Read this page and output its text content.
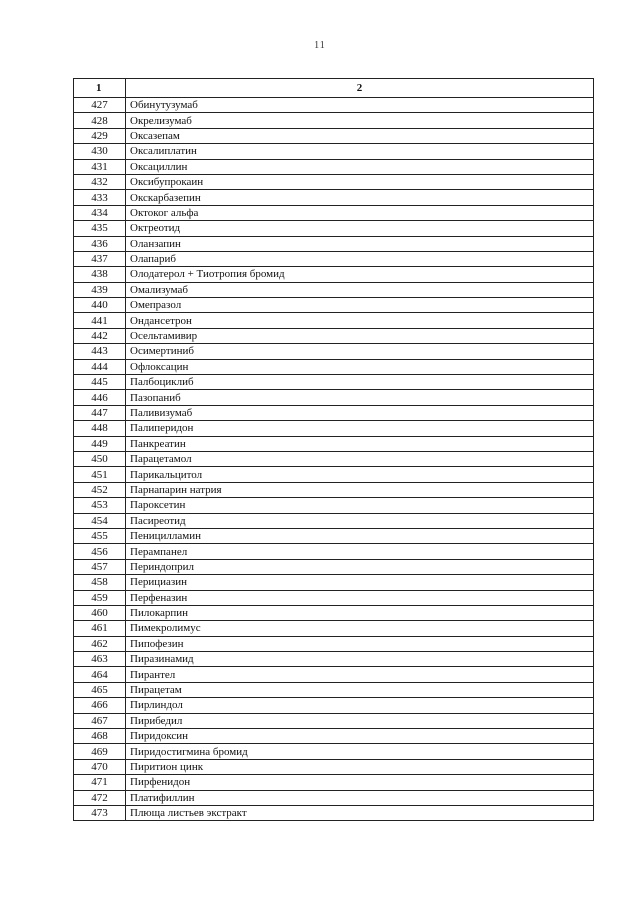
11
1	2
427	Обинутузумаб
428	Окрелизумаб
429	Оксазепам
430	Оксалиплатин
431	Оксациллин
432	Оксибупрокаин
433	Окскарбазепин
434	Октоког альфа
435	Октреотид
436	Оланзапин
437	Олапариб
438	Олодатерол + Тиотропия бромид
439	Омализумаб
440	Омепразол
441	Ондансетрон
442	Осельтамивир
443	Осимертиниб
444	Офлоксацин
445	Палбоциклиб
446	Пазопаниб
447	Паливизумаб
448	Палиперидон
449	Панкреатин
450	Парацетамол
451	Парикальцитол
452	Парнапарин натрия
453	Пароксетин
454	Пасиреотид
455	Пеницилламин
456	Перампанел
457	Периндоприл
458	Перициазин
459	Перфеназин
460	Пилокарпин
461	Пимекролимус
462	Пипофезин
463	Пиразинамид
464	Пирантел
465	Пирацетам
466	Пирлиндол
467	Пирибедил
468	Пиридоксин
469	Пиридостигмина бромид
470	Пиритион цинк
471	Пирфенидон
472	Платифиллин
473	Плюща листьев экстракт
